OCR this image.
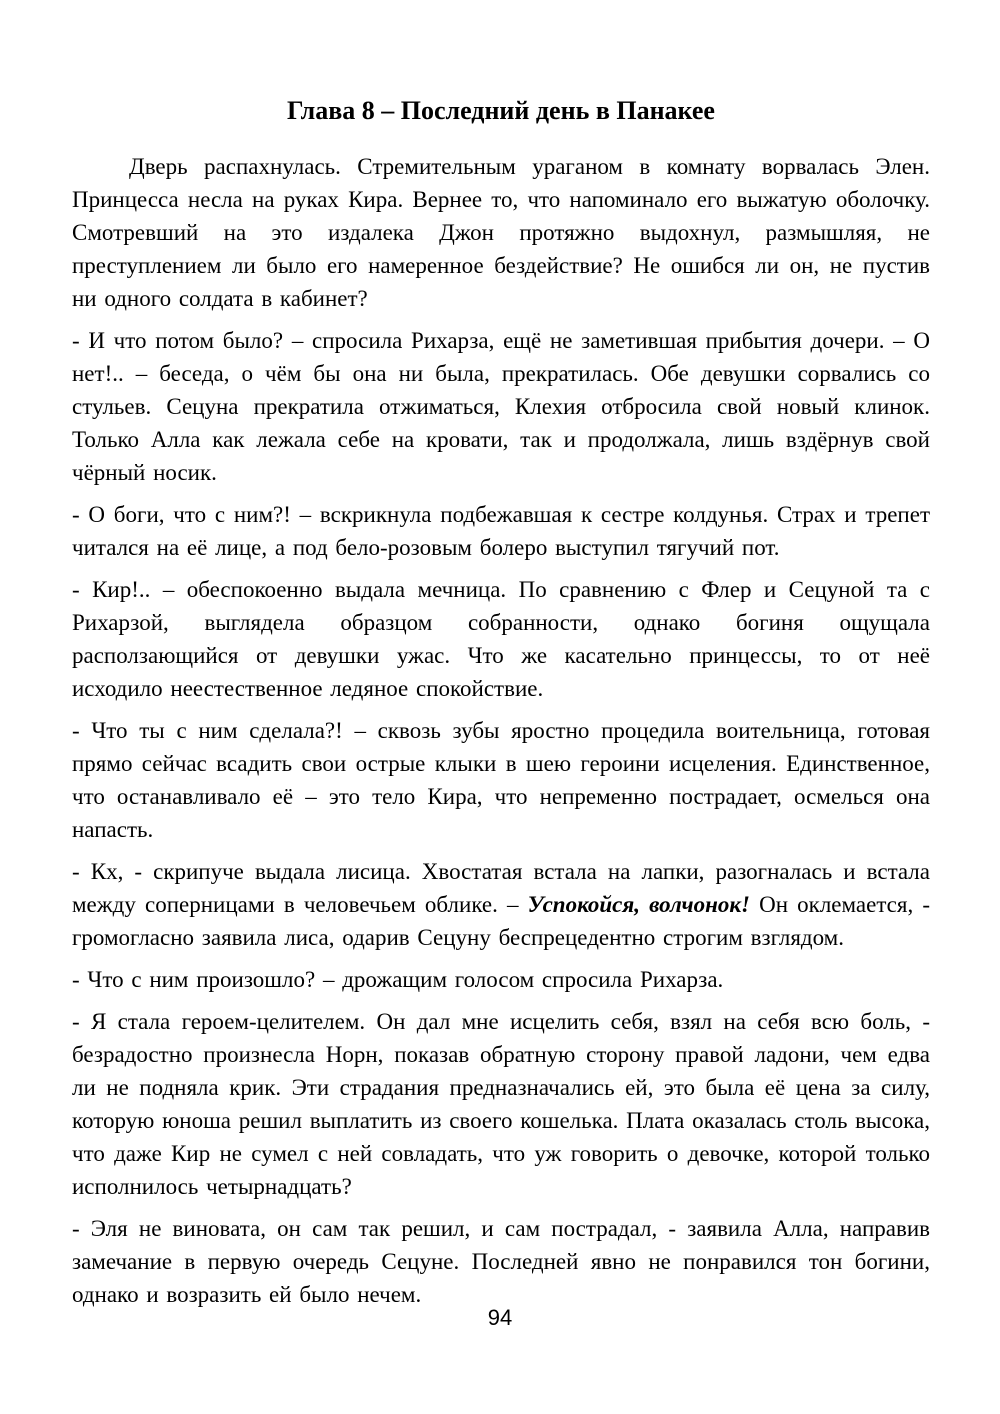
Глава 8 – Последний день в Панакее

Дверь распахнулась. Стремительным ураганом в комнату ворвалась Элен. Принцесса несла на руках Кира. Вернее то, что напоминало его выжатую оболочку. Смотревший на это издалека Джон протяжно выдохнул, размышляя, не преступлением ли было его намеренное бездействие? Не ошибся ли он, не пустив ни одного солдата в кабинет?

- И что потом было? – спросила Рихарза, ещё не заметившая прибытия дочери. – О нет!.. – беседа, о чём бы она ни была, прекратилась. Обе девушки сорвались со стульев. Сецуна прекратила отжиматься, Клехия отбросила свой новый клинок. Только Алла как лежала себе на кровати, так и продолжала, лишь вздёрнув свой чёрный носик.

- О боги, что с ним?! – вскрикнула подбежавшая к сестре колдунья. Страх и трепет читался на её лице, а под бело-розовым болеро выступил тягучий пот.

- Кир!.. – обеспокоенно выдала мечница. По сравнению с Флер и Сецуной та с Рихарзой, выглядела образцом собранности, однако богиня ощущала расползающийся от девушки ужас. Что же касательно принцессы, то от неё исходило неестественное ледяное спокойствие.

- Что ты с ним сделала?! – сквозь зубы яростно процедила воительница, готовая прямо сейчас всадить свои острые клыки в шею героини исцеления. Единственное, что останавливало её – это тело Кира, что непременно пострадает, осмелься она напасть.

- Кх, - скрипуче выдала лисица. Хвостатая встала на лапки, разогналась и встала между соперницами в человечьем облике. – Успокойся, волчонок! Он оклемается, - громогласно заявила лиса, одарив Сецуну беспрецедентно строгим взглядом.

- Что с ним произошло? – дрожащим голосом спросила Рихарза.

- Я стала героем-целителем. Он дал мне исцелить себя, взял на себя всю боль, - безрадостно произнесла Норн, показав обратную сторону правой ладони, чем едва ли не подняла крик. Эти страдания предназначались ей, это была её цена за силу, которую юноша решил выплатить из своего кошелька. Плата оказалась столь высока, что даже Кир не сумел с ней совладать, что уж говорить о девочке, которой только исполнилось четырнадцать?

- Эля не виновата, он сам так решил, и сам пострадал, - заявила Алла, направив замечание в первую очередь Сецуне. Последней явно не понравился тон богини, однако и возразить ей было нечем.

94
